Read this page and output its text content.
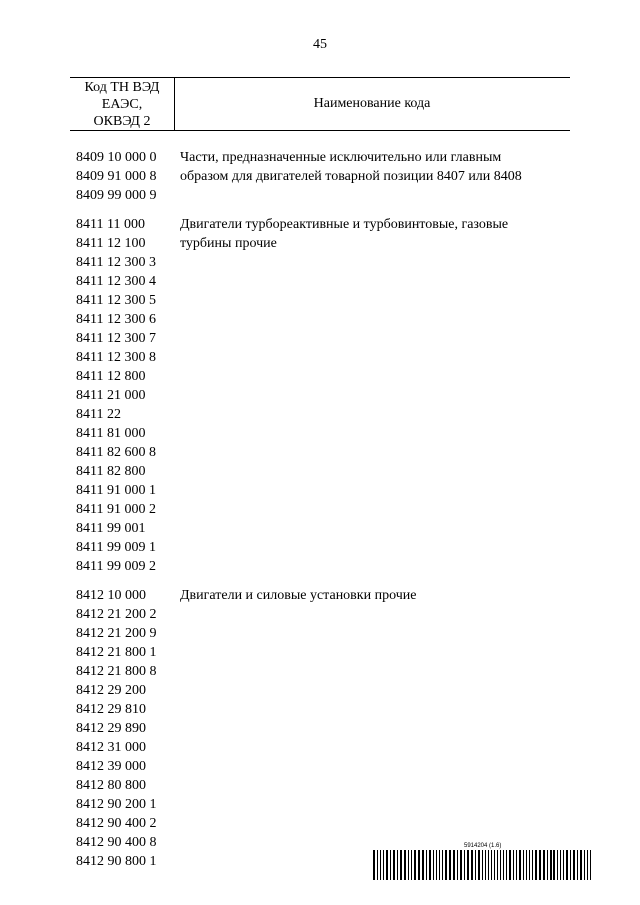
45
Код ТН ВЭД
ЕАЭС,
ОКВЭД 2
Наименование кода
8409 10 000 0
8409 91 000 8
8409 99 000 9
Части, предназначенные исключительно или главным образом для двигателей товарной позиции 8407 или 8408
8411 11 000
8411 12 100
8411 12 300 3
8411 12 300 4
8411 12 300 5
8411 12 300 6
8411 12 300 7
8411 12 300 8
8411 12 800
8411 21 000
8411 22
8411 81 000
8411 82 600 8
8411 82 800
8411 91 000 1
8411 91 000 2
8411 99 001
8411 99 009 1
8411 99 009 2
Двигатели турбореактивные и турбовинтовые, газовые турбины прочие
8412 10 000
8412 21 200 2
8412 21 200 9
8412 21 800 1
8412 21 800 8
8412 29 200
8412 29 810
8412 29 890
8412 31 000
8412 39 000
8412 80 800
8412 90 200 1
8412 90 400 2
8412 90 400 8
8412 90 800 1
Двигатели и силовые установки прочие
5914204 (1.6)
